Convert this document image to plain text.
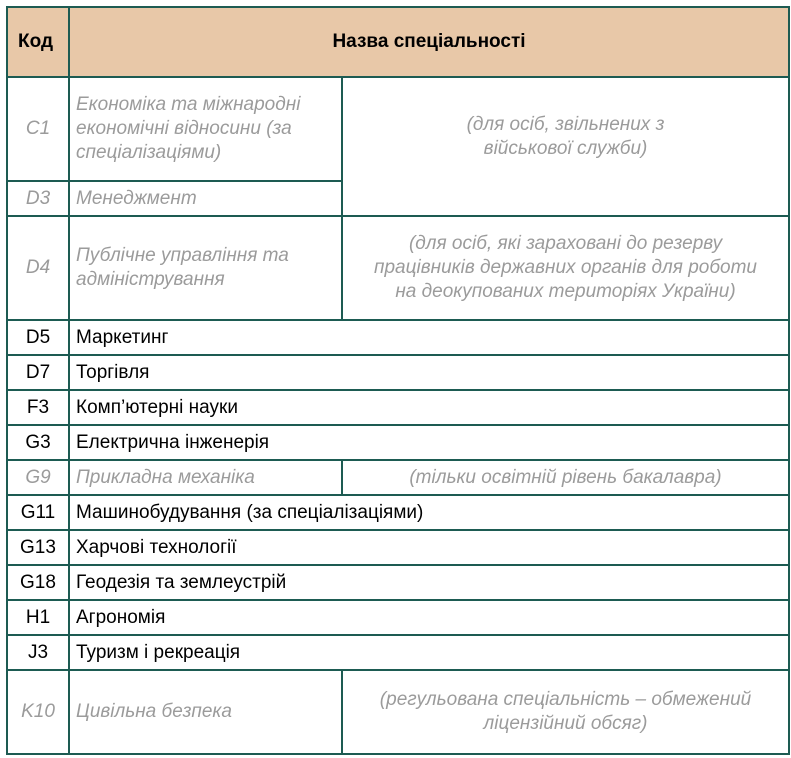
Код	Назва спеціальності	
C1	Економіка та міжнародні економічні відносини (за спеціалізаціями)	(для осіб, звільнених з військової служби)
D3	Менеджмент	
D4	Публічне управління та адміністрування	(для осіб, які зараховані до резерву працівників державних органів для роботи на деокупованих територіях України)
D5	Маркетинг	
D7	Торгівля	
F3	Комп’ютерні науки	
G3	Електрична інженерія	
G9	Прикладна механіка	(тільки освітній рівень бакалавра)
G11	Машинобудування (за спеціалізаціями)	
G13	Харчові технології	
G18	Геодезія та землеустрій	
H1	Агрономія	
J3	Туризм і рекреація	
K10	Цивільна безпека	(регульована спеціальність – обмежений ліцензійний обсяг)
